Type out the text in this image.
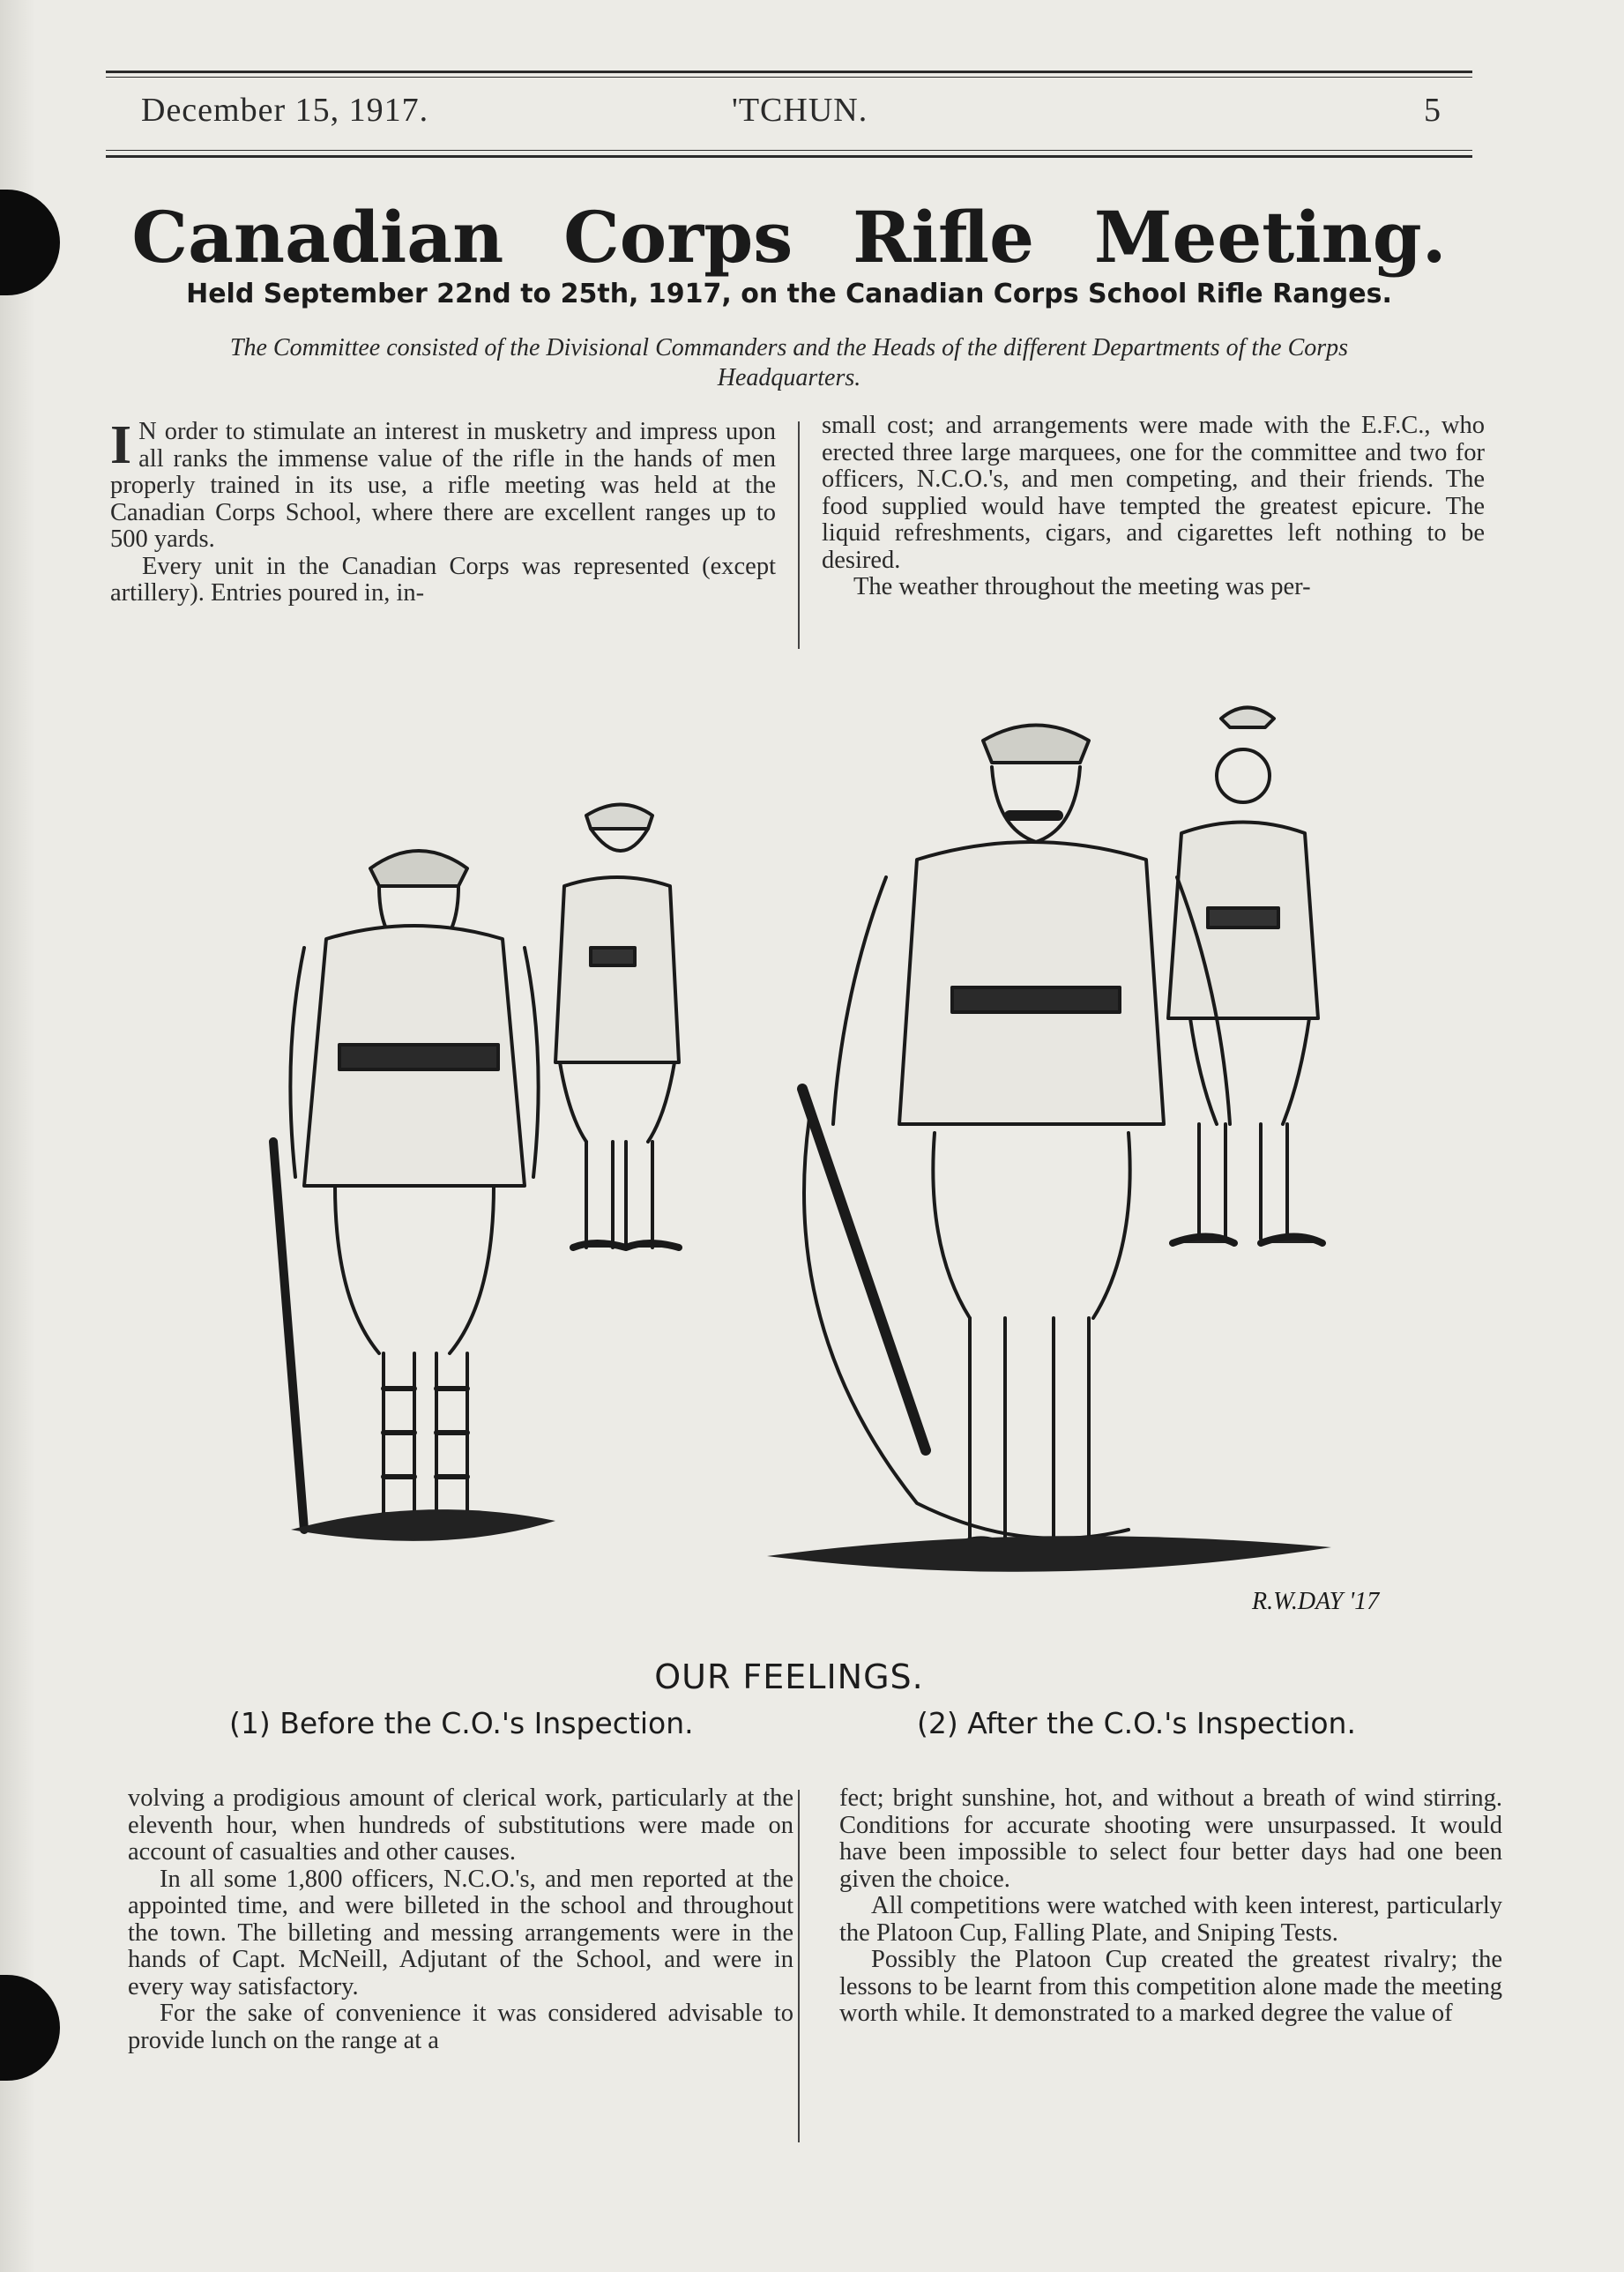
December 15, 1917.	'TCHUN.	5
Canadian Corps Rifle Meeting.
Held September 22nd to 25th, 1917, on the Canadian Corps School Rifle Ranges.
The Committee consisted of the Divisional Commanders and the Heads of the different Departments of the Corps Headquarters.

I N order to stimulate an interest in musketry and impress upon all ranks the immense value of the rifle in the hands of men properly trained in its use, a rifle meeting was held at the Canadian Corps School, where there are excellent ranges up to 500 yards.

Every unit in the Canadian Corps was represented (except artillery). Entries poured in, in-

small cost; and arrangements were made with the E.F.C., who erected three large marquees, one for the committee and two for officers, N.C.O.'s, and men competing, and their friends. The food supplied would have tempted the greatest epicure. The liquid refreshments, cigars, and cigarettes left nothing to be desired.

The weather throughout the meeting was per-

R.W.DAY '17
OUR FEELINGS.
(1) Before the C.O.'s Inspection.	(2) After the C.O.'s Inspection.

volving a prodigious amount of clerical work, particularly at the eleventh hour, when hundreds of substitutions were made on account of casualties and other causes.

In all some 1,800 officers, N.C.O.'s, and men reported at the appointed time, and were billeted in the school and throughout the town. The billeting and messing arrangements were in the hands of Capt. McNeill, Adjutant of the School, and were in every way satisfactory.

For the sake of convenience it was considered advisable to provide lunch on the range at a

fect; bright sunshine, hot, and without a breath of wind stirring. Conditions for accurate shooting were unsurpassed. It would have been impossible to select four better days had one been given the choice.

All competitions were watched with keen interest, particularly the Platoon Cup, Falling Plate, and Sniping Tests.

Possibly the Platoon Cup created the greatest rivalry; the lessons to be learnt from this competition alone made the meeting worth while. It demonstrated to a marked degree the value of
